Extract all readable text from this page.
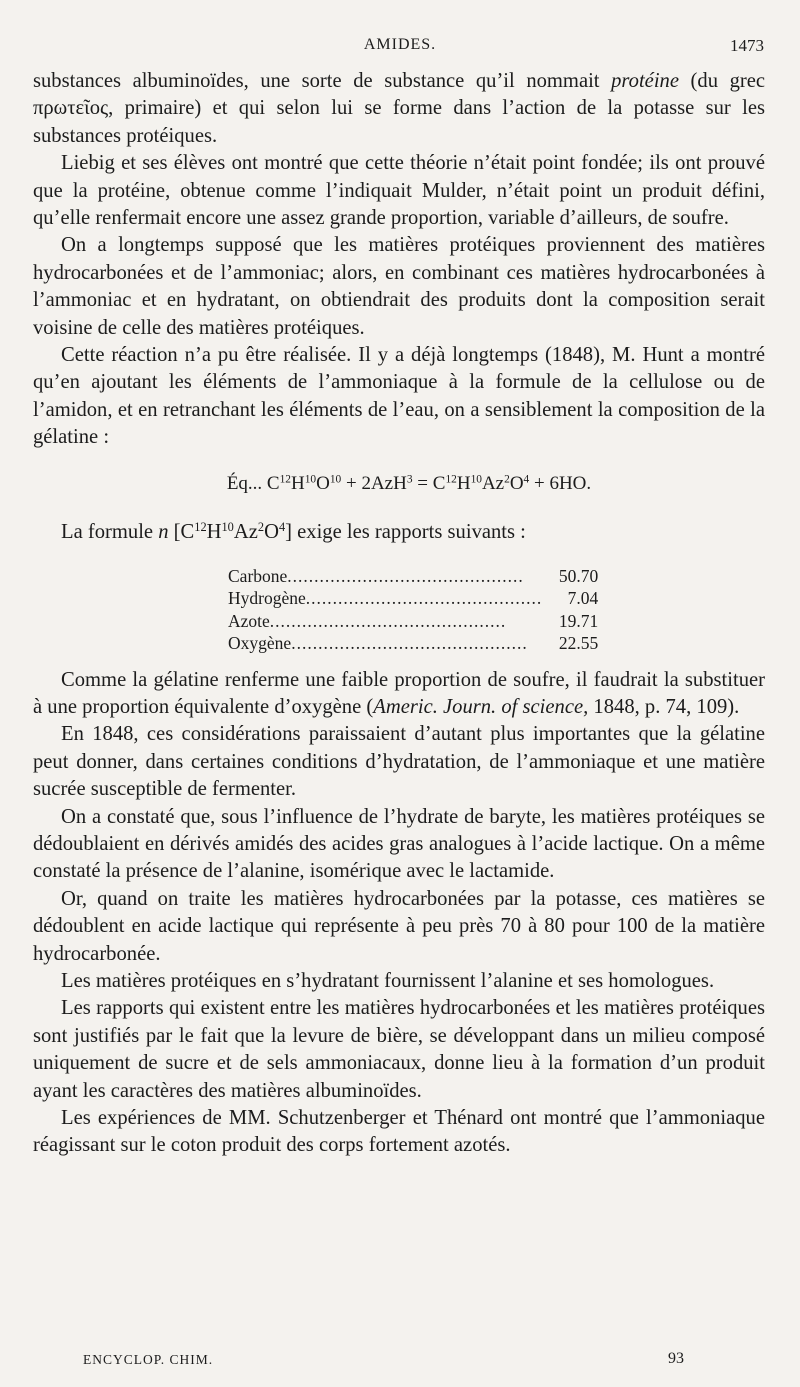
AMIDES.	1473

substances albuminoïdes, une sorte de substance qu’il nommait protéine (du grec πρωτεῖος, primaire) et qui selon lui se forme dans l’action de la potasse sur les substances protéiques.

Liebig et ses élèves ont montré que cette théorie n’était point fondée; ils ont prouvé que la protéine, obtenue comme l’indiquait Mulder, n’était point un produit défini, qu’elle renfermait encore une assez grande proportion, variable d’ailleurs, de soufre.

On a longtemps supposé que les matières protéiques proviennent des matières hydrocarbonées et de l’ammoniac; alors, en combinant ces matières hydrocarbonées à l’ammoniac et en hydratant, on obtiendrait des produits dont la composition serait voisine de celle des matières protéiques.

Cette réaction n’a pu être réalisée. Il y a déjà longtemps (1848), M. Hunt a montré qu’en ajoutant les éléments de l’ammoniaque à la formule de la cellulose ou de l’amidon, et en retranchant les éléments de l’eau, on a sensiblement la composition de la gélatine :

Éq... $C^{12}H^{10}O^{10} + 2AzH^3 = C^{12}H^{10}Az^2O^4 + 6HO$.

La formule n $[C^{12}H^{10}Az^2O^4]$ exige les rapports suivants :

Carbone............................................	50.70
Hydrogène............................................	7.04
Azote............................................	19.71
Oxygène............................................	22.55

Comme la gélatine renferme une faible proportion de soufre, il faudrait la substituer à une proportion équivalente d’oxygène (Americ. Journ. of science, 1848, p. 74, 109).

En 1848, ces considérations paraissaient d’autant plus importantes que la gélatine peut donner, dans certaines conditions d’hydratation, de l’ammoniaque et une matière sucrée susceptible de fermenter.

On a constaté que, sous l’influence de l’hydrate de baryte, les matières protéiques se dédoublaient en dérivés amidés des acides gras analogues à l’acide lactique. On a même constaté la présence de l’alanine, isomérique avec le lactamide.

Or, quand on traite les matières hydrocarbonées par la potasse, ces matières se dédoublent en acide lactique qui représente à peu près 70 à 80 pour 100 de la matière hydrocarbonée.

Les matières protéiques en s’hydratant fournissent l’alanine et ses homologues.

Les rapports qui existent entre les matières hydrocarbonées et les matières protéiques sont justifiés par le fait que la levure de bière, se développant dans un milieu composé uniquement de sucre et de sels ammoniacaux, donne lieu à la formation d’un produit ayant les caractères des matières albuminoïdes.

Les expériences de MM. Schutzenberger et Thénard ont montré que l’ammoniaque réagissant sur le coton produit des corps fortement azotés.

ENCYCLOP. CHIM.	93
